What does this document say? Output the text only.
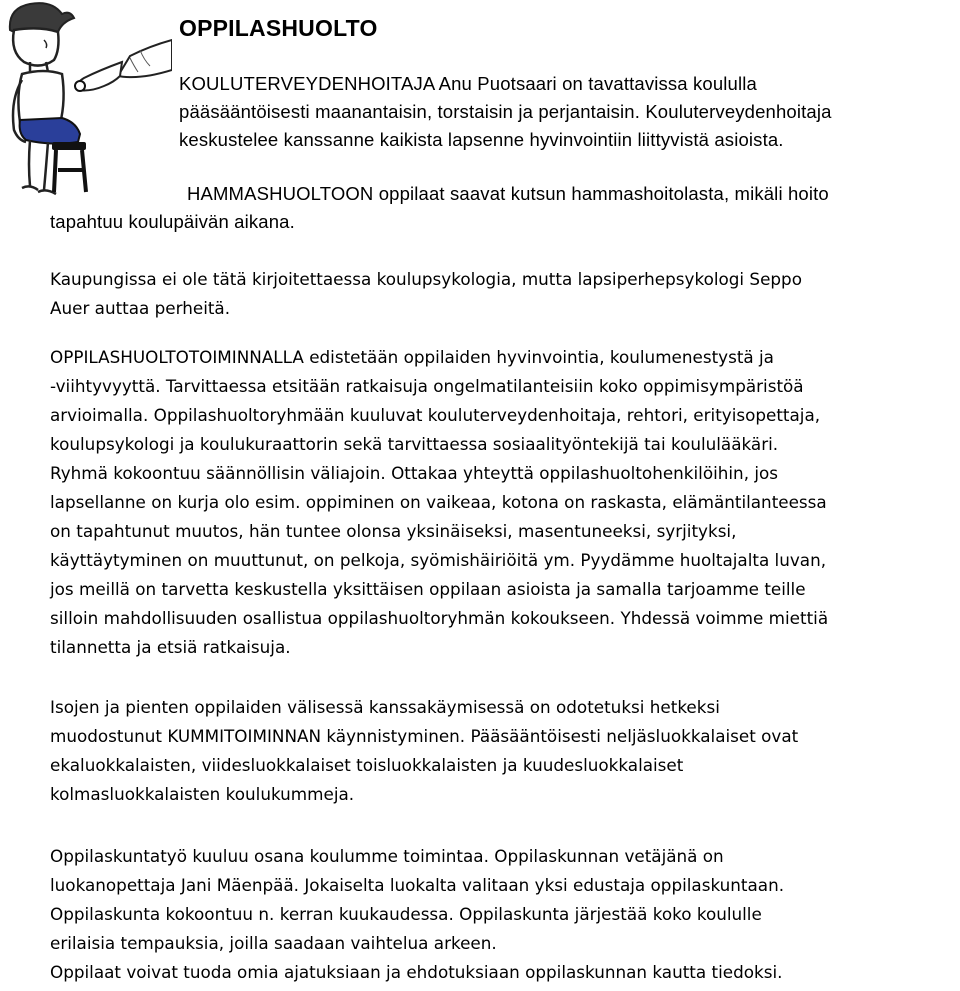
OPPILASHUOLTO

KOULUTERVEYDENHOITAJA Anu Puotsaari on tavattavissa koululla
pääsääntöisesti maanantaisin, torstaisin ja perjantaisin. Kouluterveydenhoitaja
keskustelee kanssanne kaikista lapsenne hyvinvointiin liittyvistä asioista.

HAMMASHUOLTOON oppilaat saavat kutsun hammashoitolasta, mikäli hoito
tapahtuu koulupäivän aikana.

Kaupungissa ei ole tätä kirjoitettaessa koulupsykologia, mutta lapsiperhepsykologi Seppo
Auer auttaa perheitä.

OPPILASHUOLTOTOIMINNALLA edistetään oppilaiden hyvinvointia, koulumenestystä ja
-viihtyvyyttä. Tarvittaessa etsitään ratkaisuja ongelmatilanteisiin koko oppimisympäristöä
arvioimalla. Oppilashuoltoryhmään kuuluvat kouluterveydenhoitaja, rehtori, erityisopettaja,
koulupsykologi ja koulukuraattorin sekä tarvittaessa sosiaalityöntekijä tai koululääkäri.
Ryhmä kokoontuu säännöllisin väliajoin. Ottakaa yhteyttä oppilashuoltohenkilöihin, jos
lapsellanne on kurja olo esim. oppiminen on vaikeaa, kotona on raskasta, elämäntilanteessa
on tapahtunut muutos, hän tuntee olonsa yksinäiseksi, masentuneeksi, syrjityksi,
käyttäytyminen on muuttunut, on pelkoja, syömishäiriöitä ym. Pyydämme huoltajalta luvan,
jos meillä on tarvetta keskustella yksittäisen oppilaan asioista ja samalla tarjoamme teille
silloin mahdollisuuden osallistua oppilashuoltoryhmän kokoukseen. Yhdessä voimme miettiä
tilannetta ja etsiä ratkaisuja.

Isojen ja pienten oppilaiden välisessä kanssakäymisessä on odotetuksi hetkeksi
muodostunut KUMMITOIMINNAN käynnistyminen. Pääsääntöisesti neljäsluokkalaiset ovat
ekaluokkalaisten, viidesluokkalaiset toisluokkalaisten ja kuudesluokkalaiset
kolmasluokkalaisten koulukummeja.

Oppilaskuntatyö kuuluu osana koulumme toimintaa. Oppilaskunnan vetäjänä on
luokanopettaja Jani Mäenpää. Jokaiselta luokalta valitaan yksi edustaja oppilaskuntaan.
Oppilaskunta kokoontuu n. kerran kuukaudessa. Oppilaskunta järjestää koko koululle
erilaisia tempauksia, joilla saadaan vaihtelua arkeen.
Oppilaat voivat tuoda omia ajatuksiaan ja ehdotuksiaan oppilaskunnan kautta tiedoksi.
